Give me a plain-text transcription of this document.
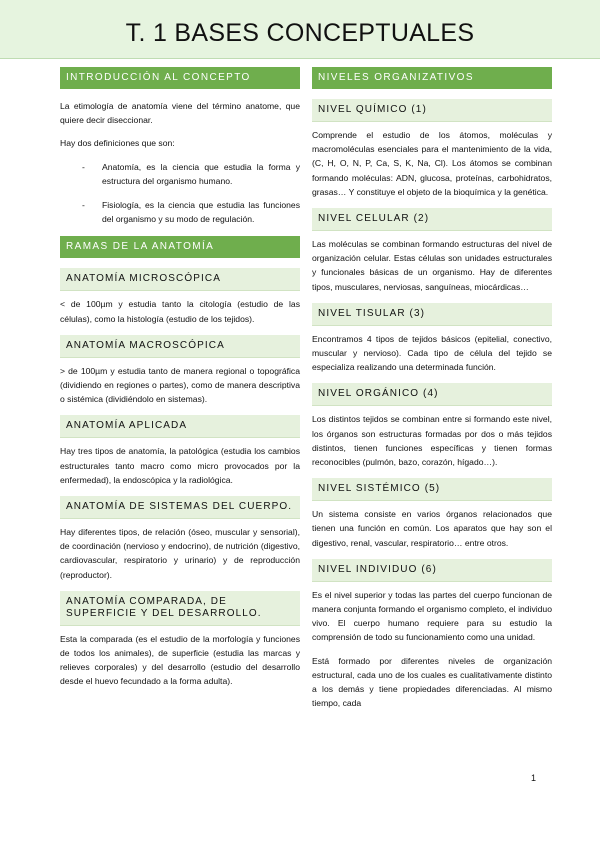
T. 1 BASES CONCEPTUALES
INTRODUCCIÓN AL CONCEPTO

La etimología de anatomía viene del término anatome, que quiere decir diseccionar.

Hay dos definiciones que son:

- Anatomía, es la ciencia que estudia la forma y estructura del organismo humano.
- Fisiología, es la ciencia que estudia las funciones del organismo y su modo de regulación.
RAMAS DE LA ANATOMÍA
ANATOMÍA MICROSCÓPICA

< de 100µm y estudia tanto la citología (estudio de las células), como la histología (estudio de los tejidos).

ANATOMÍA MACROSCÓPICA

> de 100µm y estudia tanto de manera regional o topográfica (dividiendo en regiones o partes), como de manera descriptiva o sistémica (dividiéndolo en sistemas).

ANATOMÍA APLICADA

Hay tres tipos de anatomía, la patológica (estudia los cambios estructurales tanto macro como micro provocados por la enfermedad), la endoscópica y la radiológica.

ANATOMÍA DE SISTEMAS DEL CUERPO.

Hay diferentes tipos, de relación (óseo, muscular y sensorial), de coordinación (nervioso y endocrino), de nutrición (digestivo, cardiovascular, respiratorio y urinario) y de reproducción (reproductor).

ANATOMÍA COMPARADA, DE SUPERFICIE Y DEL DESARROLLO.

Esta la comparada (es el estudio de la morfología y funciones de todos los animales), de superficie (estudia las marcas y relieves corporales) y del desarrollo (estudio del desarrollo desde el huevo fecundado a la forma adulta).

NIVELES ORGANIZATIVOS
NIVEL QUÍMICO (1)

Comprende el estudio de los átomos, moléculas y macromoléculas esenciales para el mantenimiento de la vida, (C, H, O, N, P, Ca, S, K, Na, Cl). Los átomos se combinan formando moléculas: ADN, glucosa, proteínas, carbohidratos, grasas… Y constituye el objeto de la bioquímica y la genética.

NIVEL CELULAR (2)

Las moléculas se combinan formando estructuras del nivel de organización celular. Estas células son unidades estructurales y funcionales básicas de un organismo. Hay de diferentes tipos, musculares, nerviosas, sanguíneas, miocárdicas…

NIVEL TISULAR (3)

Encontramos 4 tipos de tejidos básicos (epitelial, conectivo, muscular y nervioso). Cada tipo de célula del tejido se especializa realizando una determinada función.

NIVEL ORGÁNICO (4)

Los distintos tejidos se combinan entre si formando este nivel, los órganos son estructuras formadas por dos o más tejidos distintos, tienen funciones específicas y tienen formas reconocibles (pulmón, bazo, corazón, hígado…).

NIVEL SISTÉMICO (5)

Un sistema consiste en varios órganos relacionados que tienen una función en común. Los aparatos que hay son el digestivo, renal, vascular, respiratorio… entre otros.

NIVEL INDIVIDUO (6)

Es el nivel superior y todas las partes del cuerpo funcionan de manera conjunta formando el organismo completo, el individuo vivo. El cuerpo humano requiere para su estudio la comprensión de todo su funcionamiento como una unidad.

Está formado por diferentes niveles de organización estructural, cada uno de los cuales es cualitativamente distinto a los demás y tiene propiedades diferenciadas. Al mismo tiempo, cada

1
